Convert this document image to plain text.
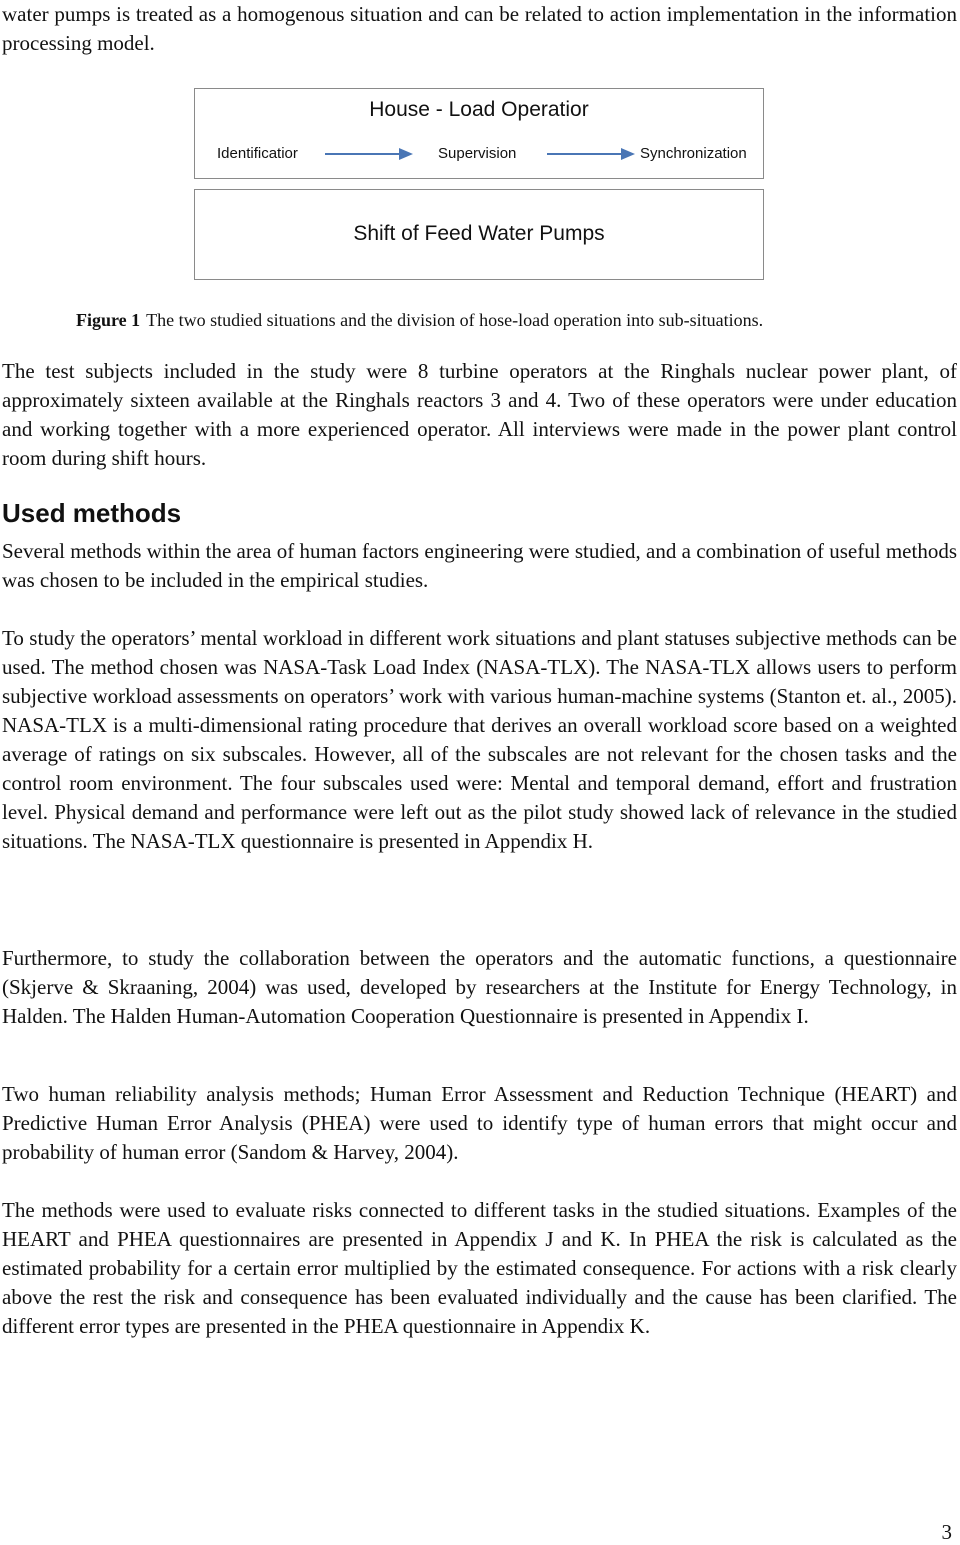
water pumps is treated as a homogenous situation and can be related to action implementation in the information processing model.

House - Load Operatior
Identificatior	Supervision	Synchronization
Shift of Feed Water Pumps

Figure 1 The two studied situations and the division of hose-load operation into sub-situations.

The test subjects included in the study were 8 turbine operators at the Ringhals nuclear power plant, of approximately sixteen available at the Ringhals reactors 3 and 4. Two of these operators were under education and working together with a more experienced operator. All interviews were made in the power plant control room during shift hours.

Used methods

Several methods within the area of human factors engineering were studied, and a combination of useful methods was chosen to be included in the empirical studies.

To study the operators’ mental workload in different work situations and plant statuses subjective methods can be used. The method chosen was NASA-Task Load Index (NASA-TLX). The NASA-TLX allows users to perform subjective workload assessments on operators’ work with various human-machine systems (Stanton et. al., 2005). NASA-TLX is a multi-dimensional rating procedure that derives an overall workload score based on a weighted average of ratings on six subscales. However, all of the subscales are not relevant for the chosen tasks and the control room environment. The four subscales used were: Mental and temporal demand, effort and frustration level. Physical demand and performance were left out as the pilot study showed lack of relevance in the studied situations. The NASA-TLX questionnaire is presented in Appendix H.

Furthermore, to study the collaboration between the operators and the automatic functions, a questionnaire (Skjerve & Skraaning, 2004) was used, developed by researchers at the Institute for Energy Technology, in Halden. The Halden Human-Automation Cooperation Questionnaire is presented in Appendix I.

Two human reliability analysis methods; Human Error Assessment and Reduction Technique (HEART) and Predictive Human Error Analysis (PHEA) were used to identify type of human errors that might occur and probability of human error (Sandom & Harvey, 2004).

The methods were used to evaluate risks connected to different tasks in the studied situations. Examples of the HEART and PHEA questionnaires are presented in Appendix J and K. In PHEA the risk is calculated as the estimated probability for a certain error multiplied by the estimated consequence. For actions with a risk clearly above the rest the risk and consequence has been evaluated individually and the cause has been clarified. The different error types are presented in the PHEA questionnaire in Appendix K.

3
